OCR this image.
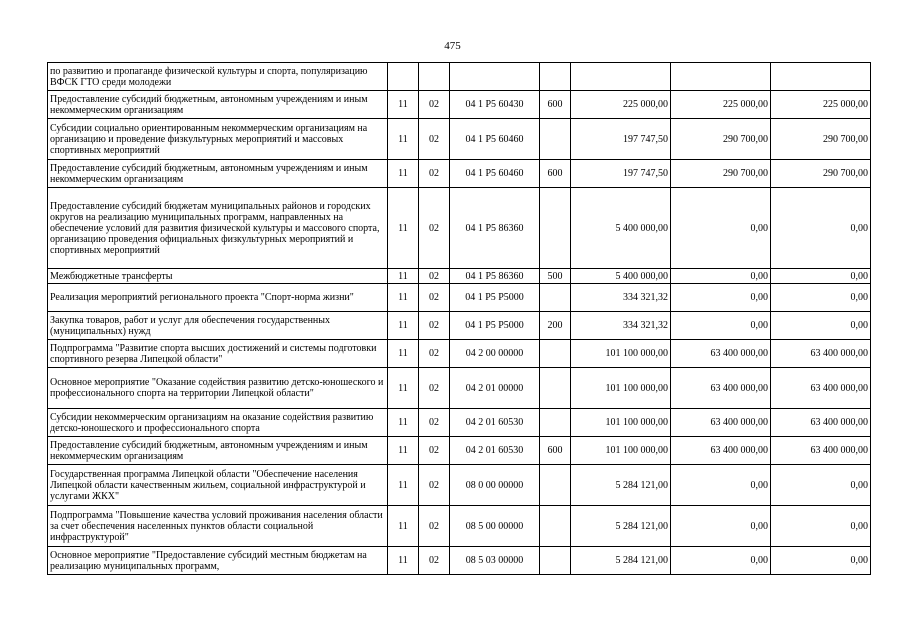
475
по развитию и пропаганде физической культуры и спорта, популяризацию ВФСК ГТО среди молодежи							
Предоставление субсидий бюджетным, автономным учреждениям и иным некоммерческим организациям	11	02	04 1 P5 60430	600	225 000,00	225 000,00	225 000,00
Субсидии социально ориентированным некоммерческим организациям на организацию и проведение физкультурных мероприятий и массовых спортивных мероприятий	11	02	04 1 P5 60460		197 747,50	290 700,00	290 700,00
Предоставление субсидий бюджетным, автономным учреждениям и иным некоммерческим организациям	11	02	04 1 P5 60460	600	197 747,50	290 700,00	290 700,00
Предоставление субсидий бюджетам муниципальных районов и городских округов на реализацию муниципальных программ, направленных на обеспечение условий для развития физической культуры и массового спорта, организацию проведения официальных физкультурных мероприятий и спортивных мероприятий	11	02	04 1 P5 86360		5 400 000,00	0,00	0,00
Межбюджетные трансферты	11	02	04 1 P5 86360	500	5 400 000,00	0,00	0,00
Реализация мероприятий регионального проекта "Спорт-норма жизни"	11	02	04 1 P5 P5000		334 321,32	0,00	0,00
Закупка товаров, работ и услуг для обеспечения государственных (муниципальных) нужд	11	02	04 1 P5 P5000	200	334 321,32	0,00	0,00
Подпрограмма "Развитие спорта высших достижений и системы подготовки спортивного резерва Липецкой области"	11	02	04 2 00 00000		101 100 000,00	63 400 000,00	63 400 000,00
Основное мероприятие "Оказание содействия развитию детско-юношеского и профессионального спорта на территории Липецкой области"	11	02	04 2 01 00000		101 100 000,00	63 400 000,00	63 400 000,00
Субсидии некоммерческим организациям на оказание содействия развитию детско-юношеского и профессионального спорта	11	02	04 2 01 60530		101 100 000,00	63 400 000,00	63 400 000,00
Предоставление субсидий бюджетным, автономным учреждениям и иным некоммерческим организациям	11	02	04 2 01 60530	600	101 100 000,00	63 400 000,00	63 400 000,00
Государственная программа Липецкой области "Обеспечение населения Липецкой области качественным жильем, социальной инфраструктурой и услугами ЖКХ"	11	02	08 0 00 00000		5 284 121,00	0,00	0,00
Подпрограмма "Повышение качества условий проживания населения области за счет обеспечения населенных пунктов области социальной инфраструктурой"	11	02	08 5 00 00000		5 284 121,00	0,00	0,00
Основное мероприятие "Предоставление субсидий местным бюджетам на реализацию муниципальных программ,	11	02	08 5 03 00000		5 284 121,00	0,00	0,00
